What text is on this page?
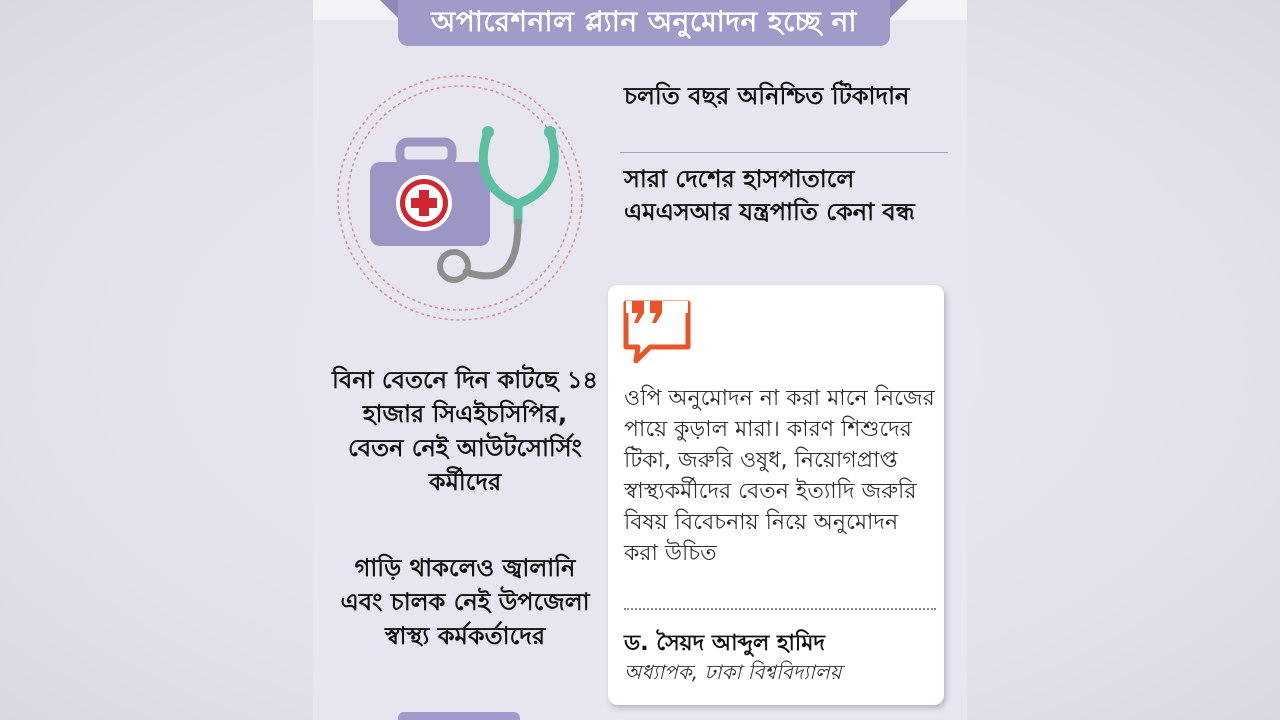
অপারেশনাল প্ল্যান অনুমোদন হচ্ছে না
চলতি বছর অনিশ্চিত টিকাদান
সারা দেশের হাসপাতালে এমএসআর যন্ত্রপাতি কেনা বন্ধ
বিনা বেতনে দিন কাটছে ১৪ হাজার সিএইচসিপির, বেতন নেই আউটসোর্সিং কর্মীদের
গাড়ি থাকলেও জ্বালানি এবং চালক নেই উপজেলা স্বাস্থ্য কর্মকর্তাদের
ওপি অনুমোদন না করা মানে নিজের পায়ে কুড়াল মারা। কারণ শিশুদের টিকা, জরুরি ওষুধ, নিয়োগপ্রাপ্ত স্বাস্থ্যকর্মীদের বেতন ইত্যাদি জরুরি বিষয় বিবেচনায় নিয়ে অনুমোদন করা উচিত
ড. সৈয়দ আব্দুল হামিদ
অধ্যাপক, ঢাকা বিশ্ববিদ্যালয়
